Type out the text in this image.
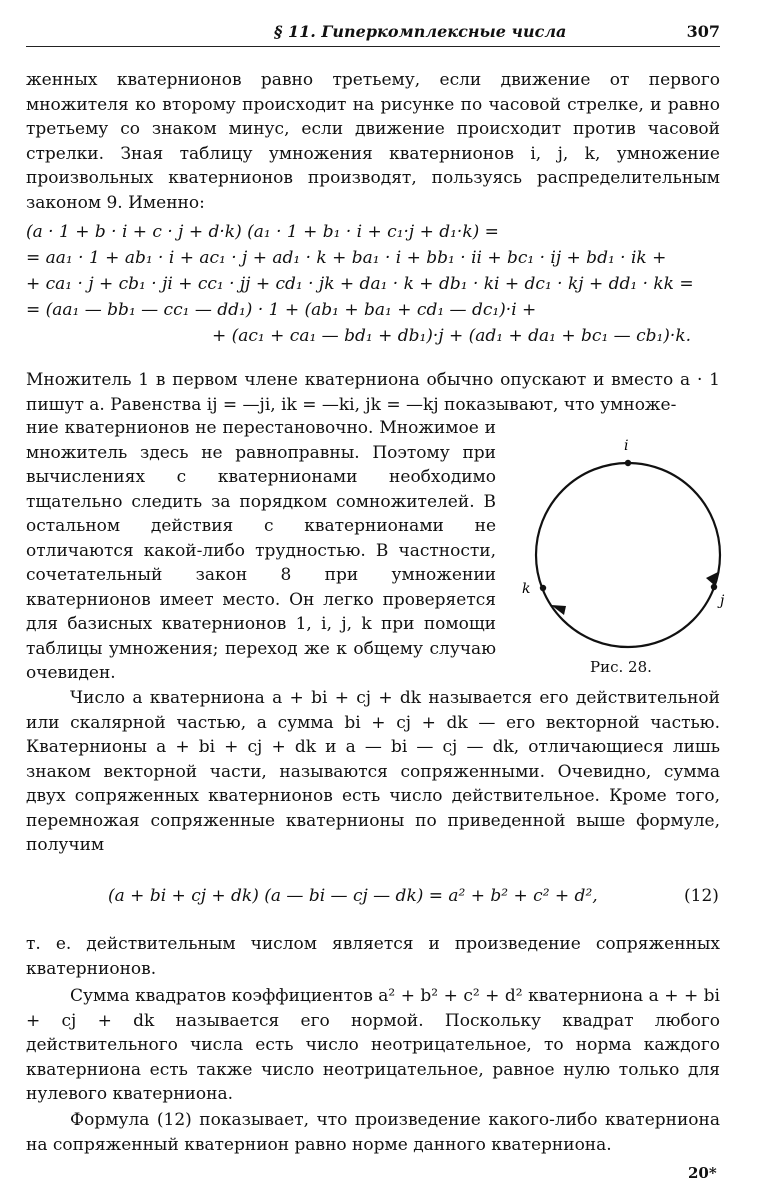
§ 11. Гиперкомплексные числа	307

женных кватернионов равно третьему, если движение от первого множителя ко второму происходит на рисунке по часовой стрелке, и равно третьему со знаком минус, если движение происходит против часовой стрелки. Зная таблицу умножения кватернионов i, j, k, умножение произвольных кватернионов производят, пользуясь распределительным законом 9. Именно:

(a · 1 + b · i + c · j + d·k) (a₁ · 1 + b₁ · i + c₁·j + d₁·k) =
= aa₁ · 1 + ab₁ · i + ac₁ · j + ad₁ · k + ba₁ · i + bb₁ · ii + bc₁ · ij + bd₁ · ik +
+ ca₁ · j + cb₁ · ji + cc₁ · jj + cd₁ · jk + da₁ · k + db₁ · ki + dc₁ · kj + dd₁ · kk =
= (aa₁ — bb₁ — cc₁ — dd₁) · 1 + (ab₁ + ba₁ + cd₁ — dc₁)·i +
+ (ac₁ + ca₁ — bd₁ + db₁)·j + (ad₁ + da₁ + bc₁ — cb₁)·k.

Множитель 1 в первом члене кватерниона обычно опускают и вместо a · 1 пишут a. Равенства ij = —ji, ik = —ki, jk = —kj показывают, что умноже-

ние кватернионов не перестановочно. Множимое и множитель здесь не равноправны. Поэтому при вычислениях с кватернионами необходимо тщательно следить за порядком сомножителей. В остальном действия с кватернионами не отличаются какой-либо трудностью. В частности, сочетательный закон 8 при умножении кватернионов имеет место. Он легко проверяется для базисных кватернионов 1, i, j, k при помощи таблицы умножения; переход же к общему случаю очевиден.

i
j
k
Рис. 28.

Число a кватерниона a + bi + cj + dk называется его действительной или скалярной частью, а сумма bi + cj + dk — его векторной частью. Кватернионы a + bi + cj + dk и a — bi — cj — dk, отличающиеся лишь знаком векторной части, называются сопряженными. Очевидно, сумма двух сопряженных кватернионов есть число действительное. Кроме того, перемножая сопряженные кватернионы по приведенной выше формуле, получим

(a + bi + cj + dk) (a — bi — cj — dk) = a² + b² + c² + d²,	(12)

т. е. действительным числом является и произведение сопряженных кватернионов.

Сумма квадратов коэффициентов a² + b² + c² + d² кватерниона a + + bi + cj + dk называется его нормой. Поскольку квадрат любого действительного числа есть число неотрицательное, то норма каждого кватерниона есть также число неотрицательное, равное нулю только для нулевого кватерниона.

Формула (12) показывает, что произведение какого-либо кватерниона на сопряженный кватернион равно норме данного кватерниона.

20*
